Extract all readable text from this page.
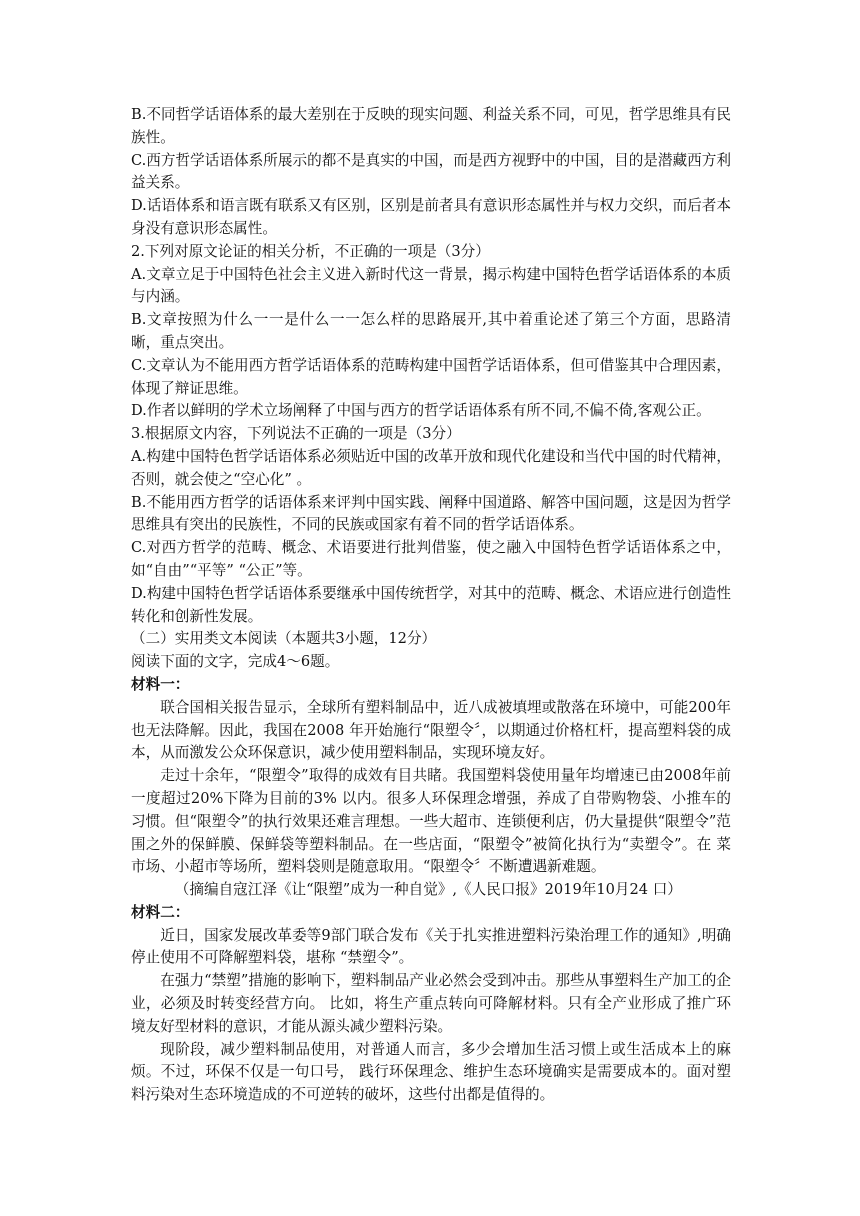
B.不同哲学话语体系的最大差别在于反映的现实问题、利益关系不同，可见，哲学思维具有民族性。

C.西方哲学话语体系所展示的都不是真实的中国，而是西方视野中的中国，目的是潜藏西方利益关系。

D.话语体系和语言既有联系又有区别，区别是前者具有意识形态属性并与权力交织，而后者本身没有意识形态属性。

2.下列对原文论证的相关分析，不正确的一项是（3分）

A.文章立足于中国特色社会主义进入新时代这一背景，揭示构建中国特色哲学话语体系的本质与内涵。

B.文章按照为什么一一是什么一一怎么样的思路展开,其中着重论述了第三个方面，思路清晰，重点突出。

C.文章认为不能用西方哲学话语体系的范畴构建中国哲学话语体系，但可借鉴其中合理因素，体现了辩证思维。

D.作者以鲜明的学术立场阐释了中国与西方的哲学话语体系有所不同,不偏不倚,客观公正。

3.根据原文内容，下列说法不正确的一项是（3分）

A.构建中国特色哲学话语体系必须贴近中国的改革开放和现代化建设和当代中国的时代精神，否则，就会使之“空心化” 。

B.不能用西方哲学的话语体系来评判中国实践、阐释中国道路、解答中国问题，这是因为哲学思维具有突出的民族性，不同的民族或国家有着不同的哲学话语体系。

C.对西方哲学的范畴、概念、术语要进行批判借鉴，使之融入中国特色哲学话语体系之中，如“自由”“平等” “公正”等。

D.构建中国特色哲学话语体系要继承中国传统哲学，对其中的范畴、概念、术语应进行创造性转化和创新性发展。

（二）实用类文本阅读（本题共3小题，12分）

阅读下面的文字，完成4～6题。

材料一：

联合国相关报告显示，全球所有塑料制品中，近八成被填埋或散落在环境中，可能200年也无法降解。因此，我国在2008 年开始施行“限塑令〞，以期通过价格杠杆，提高塑料袋的成本，从而激发公众环保意识，减少使用塑料制品，实现环境友好。

走过十余年，“限塑令”取得的成效有目共睹。我国塑料袋使用量年均增速已由2008年前一度超过20%下降为目前的3% 以内。很多人环保理念增强，养成了自带购物袋、小推车的习惯。但“限塑令”的执行效果还难言理想。一些大超市、连锁便利店，仍大量提供“限塑令”范围之外的保鲜膜、保鲜袋等塑料制品。在一些店面，“限塑令”被简化执行为“卖塑令”。在 菜市场、小超市等场所，塑料袋则是随意取用。“限塑令〞不断遭遇新难题。

（摘编自寇江泽《让“限塑”成为一种自觉》,《人民口报》2019年10月24 口）

材料二：

近日，国家发展改革委等9部门联合发布《关于扎实推进塑料污染治理工作的通知》,明确停止使用不可降解塑料袋，堪称 “禁塑令”。

在强力“禁塑”措施的影响下，塑料制品产业必然会受到冲击。那些从事塑料生产加工的企业，必须及时转变经营方向。 比如，将生产重点转向可降解材料。只有全产业形成了推广环境友好型材料的意识，才能从源头减少塑料污染。

现阶段，减少塑料制品使用，对普通人而言，多少会增加生活习惯上或生活成本上的麻烦。不过，环保不仅是一句口号， 践行环保理念、维护生态环境确实是需要成本的。面对塑料污染对生态环境造成的不可逆转的破坏，这些付出都是值得的。
